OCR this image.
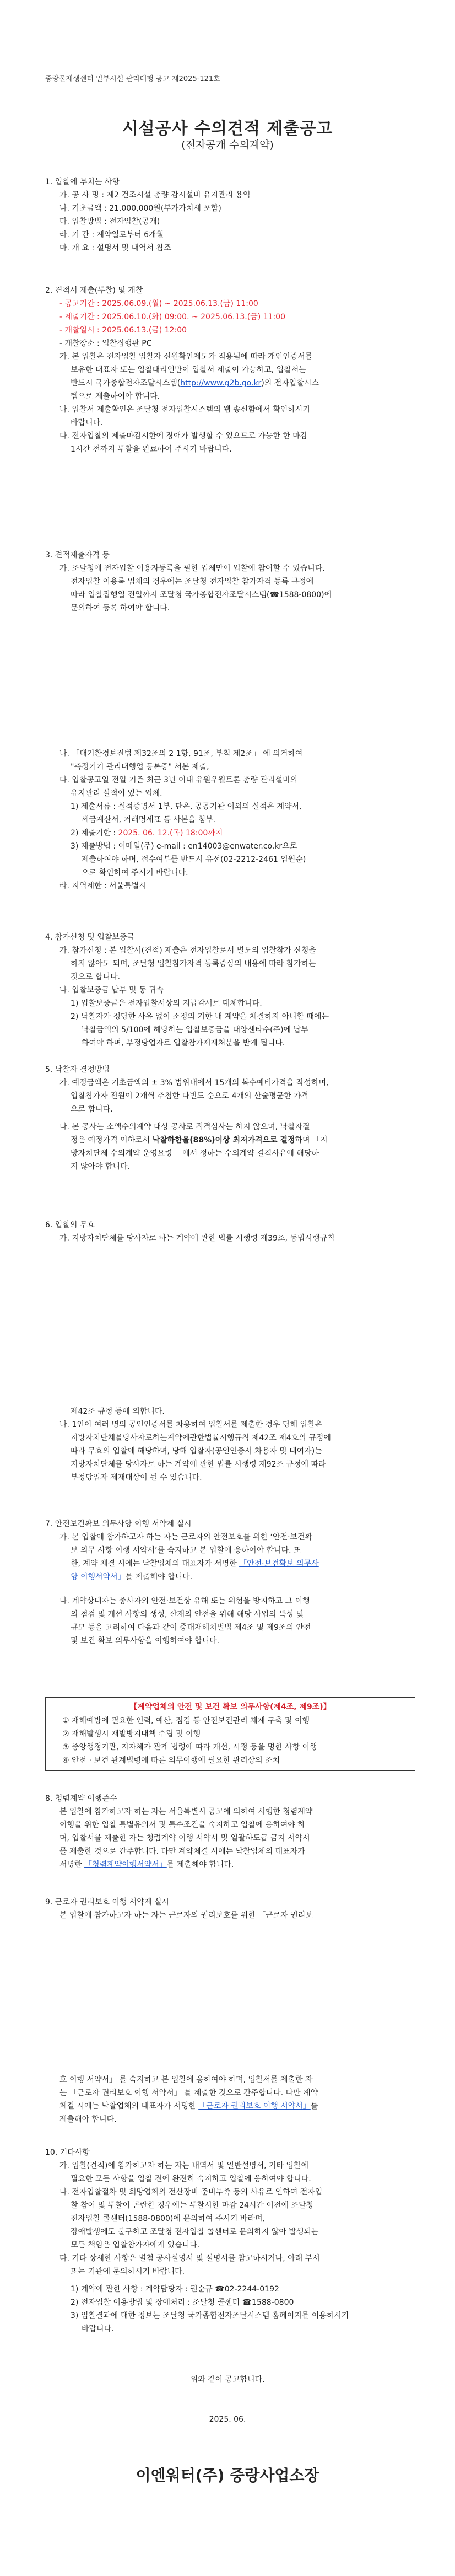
중랑물재생센터 일부시설 관리대행 공고 제2025-121호
시설공사 수의견적 제출공고
(전자공개 수의계약)
1. 입찰에 부치는 사항
가. 공 사 명 : 제2 건조시설 총량 감시설비 유지관리 용역
나. 기초금액 : 21,000,000원(부가가치세 포함)
다. 입찰방법 : 전자입찰(공개)
라. 기 간 : 계약일로부터 6개월
마. 개 요 : 설명서 및 내역서 참조
2. 견적서 제출(투찰) 및 개찰
- 공고기간 : 2025.06.09.(월) ~ 2025.06.13.(금) 11:00
- 제출기간 : 2025.06.10.(화) 09:00. ~ 2025.06.13.(금) 11:00
- 개찰일시 : 2025.06.13.(금) 12:00
- 개찰장소 : 입찰집행관 PC
가. 본 입찰은 전자입찰 입찰자 신원확인제도가 적용됨에 따라 개인인증서를
보유한 대표자 또는 입찰대리인만이 입찰서 제출이 가능하고, 입찰서는
반드시 국가종합전자조달시스템(http://www.g2b.go.kr)의 전자입찰시스
템으로 제출하여야 합니다.
나. 입찰서 제출확인은 조달청 전자입찰시스템의 웹 송신함에서 확인하시기
바랍니다.
다. 전자입찰의 제출마감시한에 장애가 발생할 수 있으므로 가능한 한 마감
1시간 전까지 투찰을 완료하여 주시기 바랍니다.
3. 견적제출자격 등
가. 조달청에 전자입찰 이용자등록을 필한 업체만이 입찰에 참여할 수 있습니다.
전자입찰 이용록 업체의 경우에는 조달청 전자입찰 참가자격 등록 규정에
따라 입찰집행일 전일까지 조달청 국가종합전자조달시스템(☎1588-0800)에
문의하여 등록 하여야 합니다.
나. 「대기환경보전법 제32조의 2 1항, 91조, 부칙 제2조」 에 의거하여
"측정기기 관리대행업 등록증" 서본 제출,
다. 입찰공고일 전일 기준 최근 3년 이내 유원우월트론 총량 관리설비의
유지관리 실적이 있는 업체.
1) 제출서류 : 실적증명서 1부, 단은, 공공기관 이외의 실적은 계약서,
세금계산서, 거래명세표 등 사본을 첨부.
2) 제출기한 : 2025. 06. 12.(목) 18:00까지
3) 제출방법 : 이메일(주) e-mail : en14003@enwater.co.kr으로
제출하여야 하며, 접수여부를 반드시 유선(02-2212-2461 임원순)
으로 확인하여 주시기 바랍니다.
라. 지역제한 : 서울특별시
4. 참가신청 및 입찰보증금
가. 참가신청 : 본 입찰서(견적) 제출은 전자입찰로서 별도의 입찰참가 신청을
하지 않아도 되며, 조달청 입찰참가자격 등록증상의 내용에 따라 참가하는
것으로 합니다.
나. 입찰보증금 납부 및 동 귀속
1) 입찰보증금은 전자입찰서상의 지급각서로 대체합니다.
2) 낙찰자가 정당한 사유 없이 소정의 기한 내 계약을 체결하지 아니할 때에는
낙찰금액의 5/100에 해당하는 입찰보증금을 대양센타수(주)에 납부
하여야 하며, 부정당업자로 입찰참가제재처분을 받게 됩니다.
5. 낙찰자 결정방법
가. 예정금액은 기초금액의 ± 3% 범위내에서 15개의 복수예비가격을 작성하며,
입찰참가자 전원이 2개씩 추첨한 다빈도 순으로 4개의 산술평균한 가격
으로 합니다.
나. 본 공사는 소액수의계약 대상 공사로 적격심사는 하지 않으며, 낙찰자결
정은 예정가격 이하로서 낙찰하한율(88%)이상 최저가격으로 결정하며 「지
방자치단체 수의계약 운영요령」 에서 정하는 수의계약 결격사유에 해당하
지 않아야 합니다.
6. 입찰의 무효
가. 지방자치단체를 당사자로 하는 계약에 관한 법률 시행령 제39조, 동법시행규칙
제42조 규정 등에 의합니다.
나. 1인이 여러 명의 공인인증서를 차용하여 입찰서를 제출한 경우 당해 입찰은
지방자치단체를당사자로하는계약에관한법률시행규칙 제42조 제4호의 규정에
따라 무효의 입찰에 해당하며, 당해 입찰자(공인인증서 차용자 및 대여자)는
지방자치단체를 당사자로 하는 계약에 관한 법률 시행령 제92조 규정에 따라
부정당업자 제재대상이 될 수 있습니다.
7. 안전보건확보 의무사항 이행 서약제 실시
가. 본 입찰에 참가하고자 하는 자는 근로자의 안전보호를 위한 ‘안전·보건확
보 의무 사항 이행 서약서’를 숙지하고 본 입찰에 응하여야 합니다. 또
한, 계약 체결 시에는 낙찰업체의 대표자가 서명한 「안전·보건확보 의무사
항 이행서약서」를 제출해야 합니다.
나. 계약상대자는 종사자의 안전·보건상 유해 또는 위험을 방지하고 그 이행
의 점검 및 개선 사항의 생성, 산재의 안전을 위해 해당 사업의 특성 및
규모 등을 고려하여 다음과 같이 중대재해처벌법 제4조 및 제9조의 안전
및 보건 확보 의무사항을 이행하여야 합니다.
【계약업체의 안전 및 보건 확보 의무사항(제4조, 제9조)】
① 재해예방에 필요한 인력, 예산, 점검 등 안전보건관리 체계 구축 및 이행
② 재해발생시 재발방지대책 수립 및 이행
③ 중앙행정기관, 지자체가 관계 법령에 따라 개선, 시정 등을 명한 사항 이행
④ 안전 · 보건 관계법령에 따른 의무이행에 필요한 관리상의 조치
8. 청렴계약 이행준수
본 입찰에 참가하고자 하는 자는 서울특별시 공고에 의하여 시행한 청렴계약
이행을 위한 입찰 특별유의서 및 특수조건을 숙지하고 입찰에 응하여야 하
며, 입찰서를 제출한 자는 청렴계약 이행 서약서 및 일괄하도급 금지 서약서
를 제출한 것으로 간주합니다. 다만 계약체결 시에는 낙찰업체의 대표자가
서명한 「청렴계약이행서약서」를 제출해야 합니다.
9. 근로자 권리보호 이행 서약제 실시
본 입찰에 참가하고자 하는 자는 근로자의 권리보호를 위한 「근로자 권리보
호 이행 서약서」 를 숙지하고 본 입찰에 응하여야 하며, 입찰서를 제출한 자
는 「근로자 권리보호 이행 서약서」 를 제출한 것으로 간주합니다. 다만 계약
체결 시에는 낙찰업체의 대표자가 서명한 「근로자 권리보호 이행 서약서」를
제출해야 합니다.
10. 기타사항
가. 입찰(견적)에 참가하고자 하는 자는 내역서 및 일반설명서, 기타 입찰에
필요한 모든 사항을 입찰 전에 완전히 숙지하고 입찰에 응하여야 합니다.
나. 전자입찰절차 및 희망업체의 전산장비 준비부족 등의 사유로 인하여 전자입
찰 참여 및 투찰이 곤란한 경우에는 투찰시한 마감 24시간 이전에 조달청
전자입찰 콜센터(1588-0800)에 문의하여 주시기 바라며,
장애발생에도 불구하고 조달청 전자입찰 콜센터로 문의하지 않아 발생되는
모든 책임은 입찰참가자에게 있습니다.
다. 기타 상세한 사항은 별첨 공사설명서 및 설명서를 참고하시거나, 아래 부서
또는 기관에 문의하시기 바랍니다.
1) 계약에 관한 사항 : 계약담당자 : 권순규 ☎02-2244-0192
2) 전자입찰 이용방법 및 장애처리 : 조달청 콜센터 ☎1588-0800
3) 입찰결과에 대한 정보는 조달청 국가종합전자조달시스템 홈페이지를 이용하시기
바랍니다.
위와 같이 공고합니다.
2025. 06.
이엔워터(주) 중랑사업소장
